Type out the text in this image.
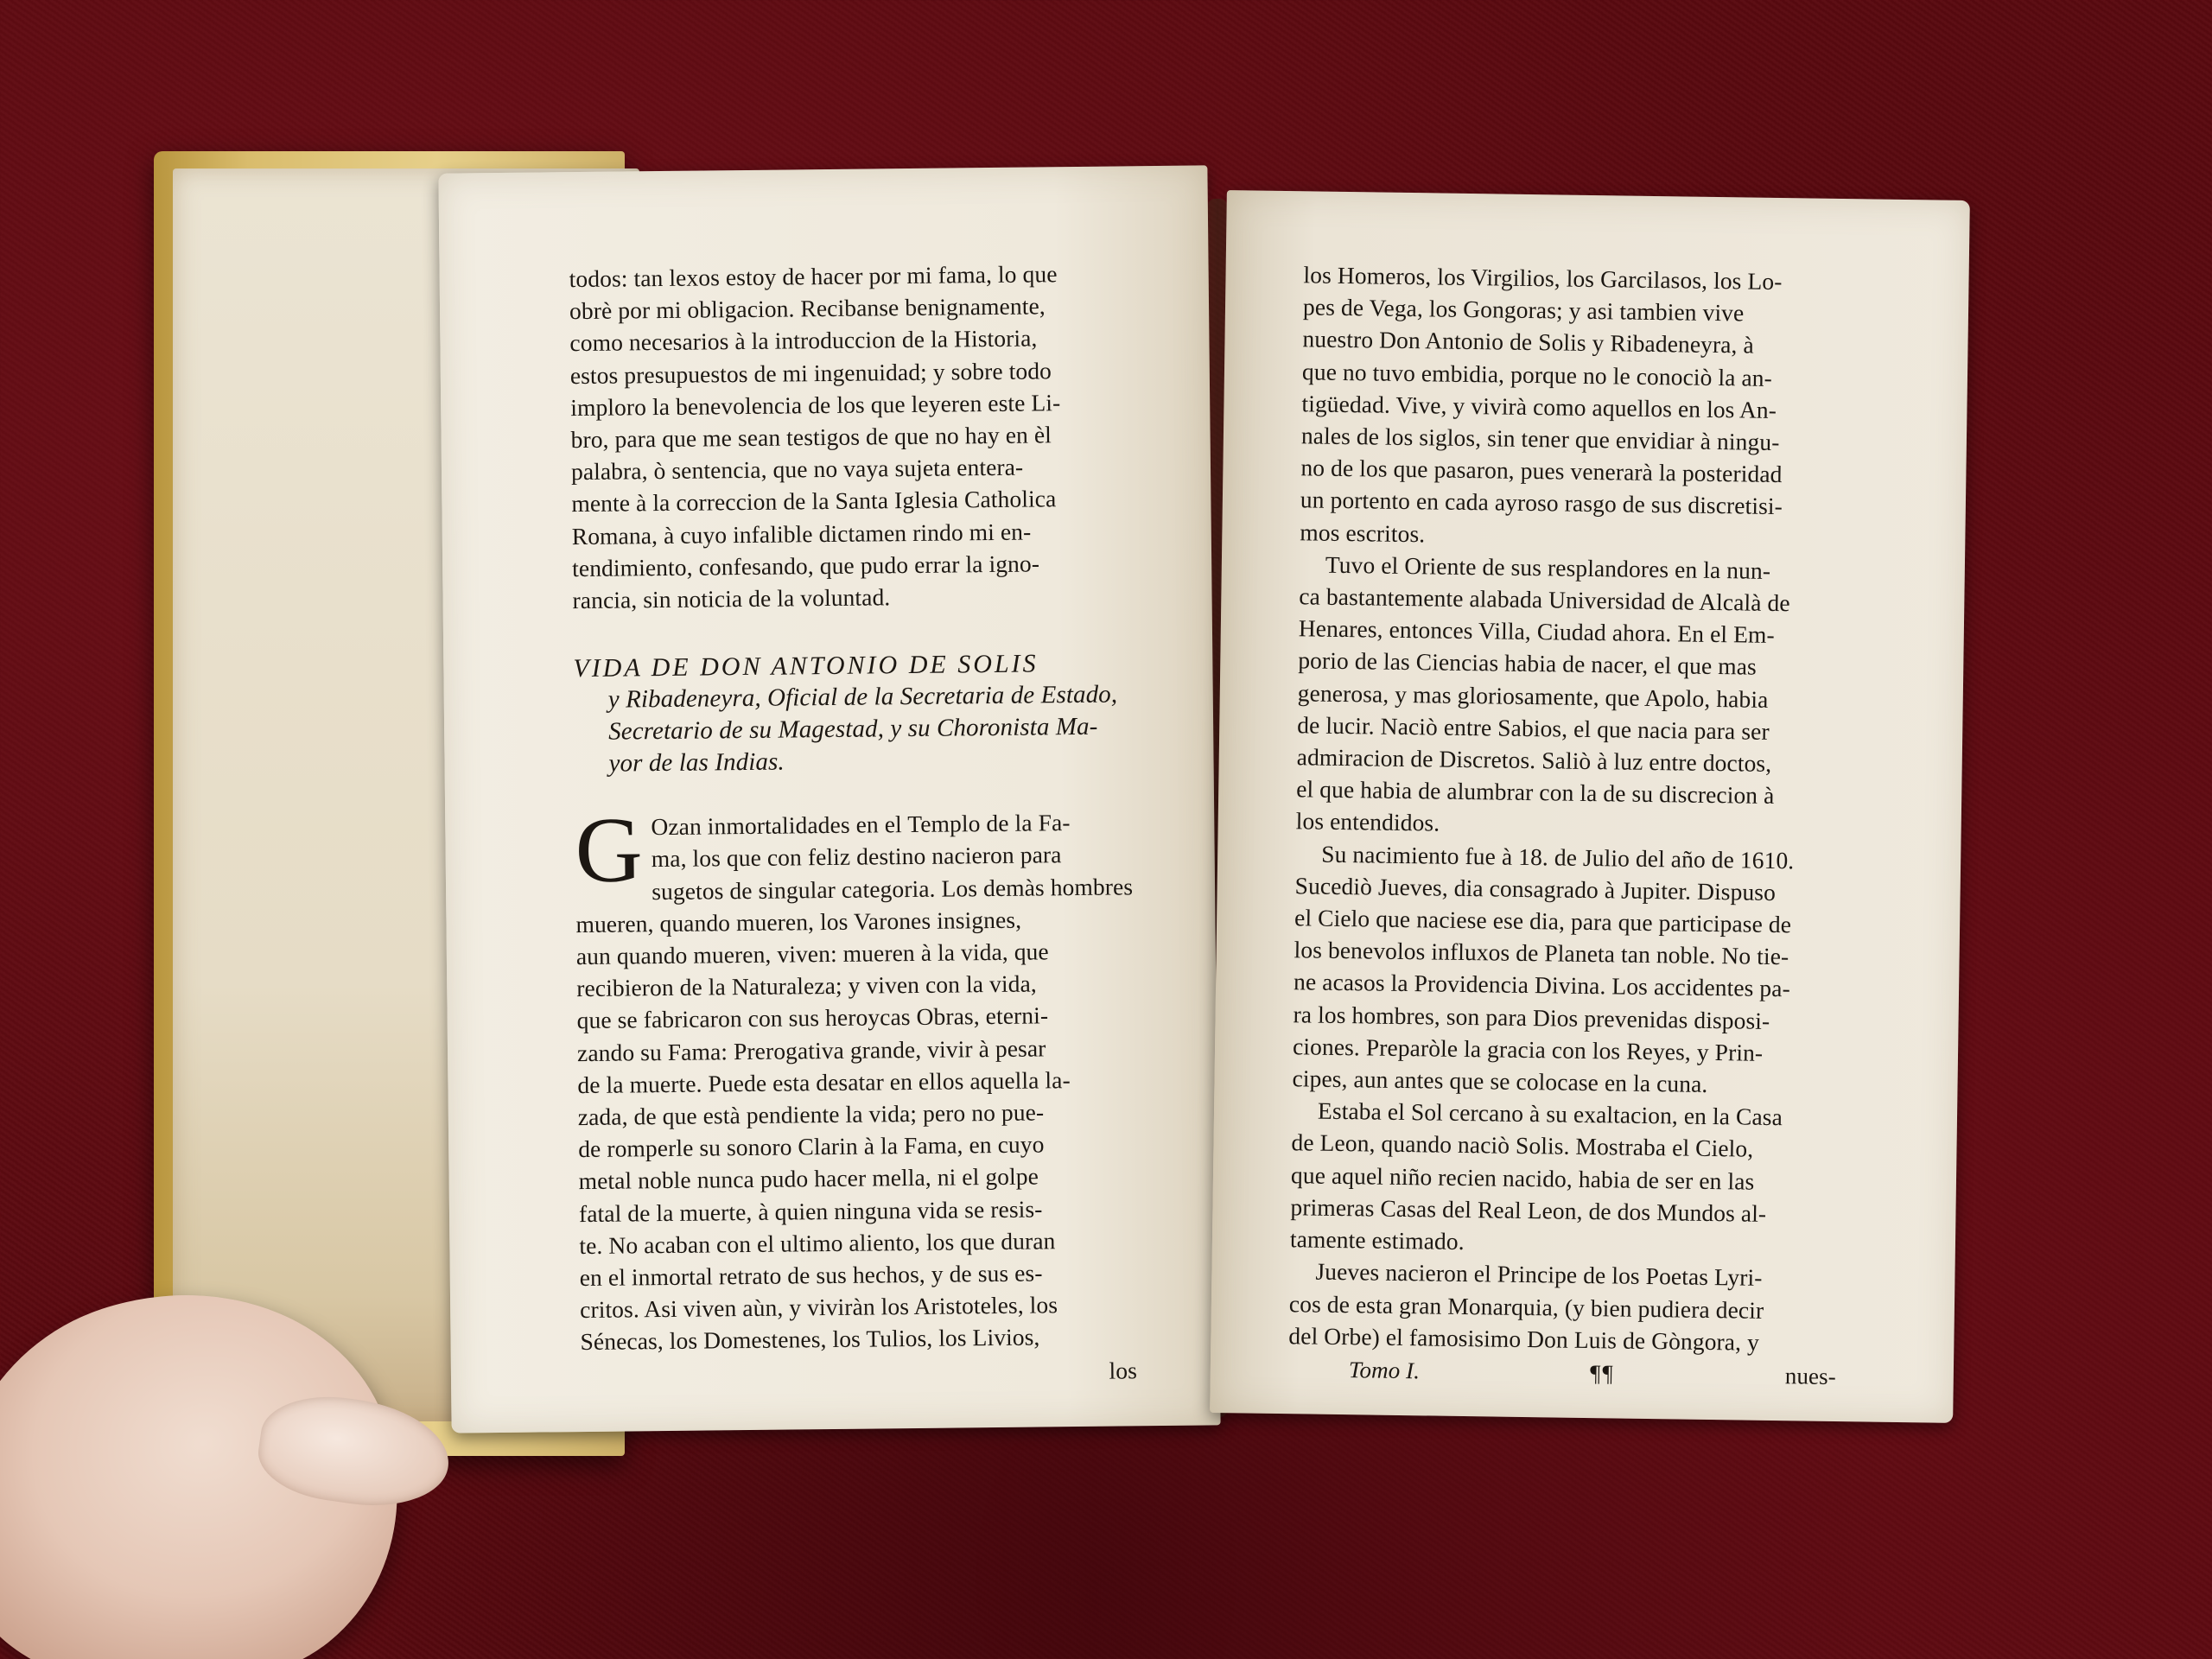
todos: tan lexos estoy de hacer por mi fama, lo que
obrè por mi obligacion. Recibanse benignamente,
como necesarios à la introduccion de la Historia,
estos presupuestos de mi ingenuidad; y sobre todo
imploro la benevolencia de los que leyeren este Li-
bro, para que me sean testigos de que no hay en èl
palabra, ò sentencia, que no vaya sujeta entera-
mente à la correccion de la Santa Iglesia Catholica
Romana, à cuyo infalible dictamen rindo mi en-
tendimiento, confesando, que pudo errar la igno-
rancia, sin noticia de la voluntad.
VIDA DE DON ANTONIO DE SOLIS
y Ribadeneyra, Oficial de la Secretaria de Estado,
Secretario de su Magestad, y su Choronista Ma-
yor de las Indias.
G Ozan inmortalidades en el Templo de la Fa-
ma, los que con feliz destino nacieron para
sugetos de singular categoria. Los demàs hombres
mueren, quando mueren, los Varones insignes,
aun quando mueren, viven: mueren à la vida, que
recibieron de la Naturaleza; y viven con la vida,
que se fabricaron con sus heroycas Obras, eterni-
zando su Fama: Prerogativa grande, vivir à pesar
de la muerte. Puede esta desatar en ellos aquella la-
zada, de que està pendiente la vida; pero no pue-
de romperle su sonoro Clarin à la Fama, en cuyo
metal noble nunca pudo hacer mella, ni el golpe
fatal de la muerte, à quien ninguna vida se resis-
te. No acaban con el ultimo aliento, los que duran
en el inmortal retrato de sus hechos, y de sus es-
critos. Asi viven aùn, y viviràn los Aristoteles, los
Sénecas, los Domestenes, los Tulios, los Livios,
los
los Homeros, los Virgilios, los Garcilasos, los Lo-
pes de Vega, los Gongoras; y asi tambien vive
nuestro Don Antonio de Solis y Ribadeneyra, à
que no tuvo embidia, porque no le conociò la an-
tigüedad. Vive, y vivirà como aquellos en los An-
nales de los siglos, sin tener que envidiar à ningu-
no de los que pasaron, pues venerarà la posteridad
un portento en cada ayroso rasgo de sus discretisi-
mos escritos.
Tuvo el Oriente de sus resplandores en la nun-
ca bastantemente alabada Universidad de Alcalà de
Henares, entonces Villa, Ciudad ahora. En el Em-
porio de las Ciencias habia de nacer, el que mas
generosa, y mas gloriosamente, que Apolo, habia
de lucir. Naciò entre Sabios, el que nacia para ser
admiracion de Discretos. Saliò à luz entre doctos,
el que habia de alumbrar con la de su discrecion à
los entendidos.
Su nacimiento fue à 18. de Julio del año de 1610.
Sucediò Jueves, dia consagrado à Jupiter. Dispuso
el Cielo que naciese ese dia, para que participase de
los benevolos influxos de Planeta tan noble. No tie-
ne acasos la Providencia Divina. Los accidentes pa-
ra los hombres, son para Dios prevenidas disposi-
ciones. Preparòle la gracia con los Reyes, y Prin-
cipes, aun antes que se colocase en la cuna.
Estaba el Sol cercano à su exaltacion, en la Casa
de Leon, quando naciò Solis. Mostraba el Cielo,
que aquel niño recien nacido, habia de ser en las
primeras Casas del Real Leon, de dos Mundos al-
tamente estimado.
Jueves nacieron el Principe de los Poetas Lyri-
cos de esta gran Monarquia, (y bien pudiera decir
del Orbe) el famosisimo Don Luis de Gòngora, y
Tomo I.	¶¶	nues-
